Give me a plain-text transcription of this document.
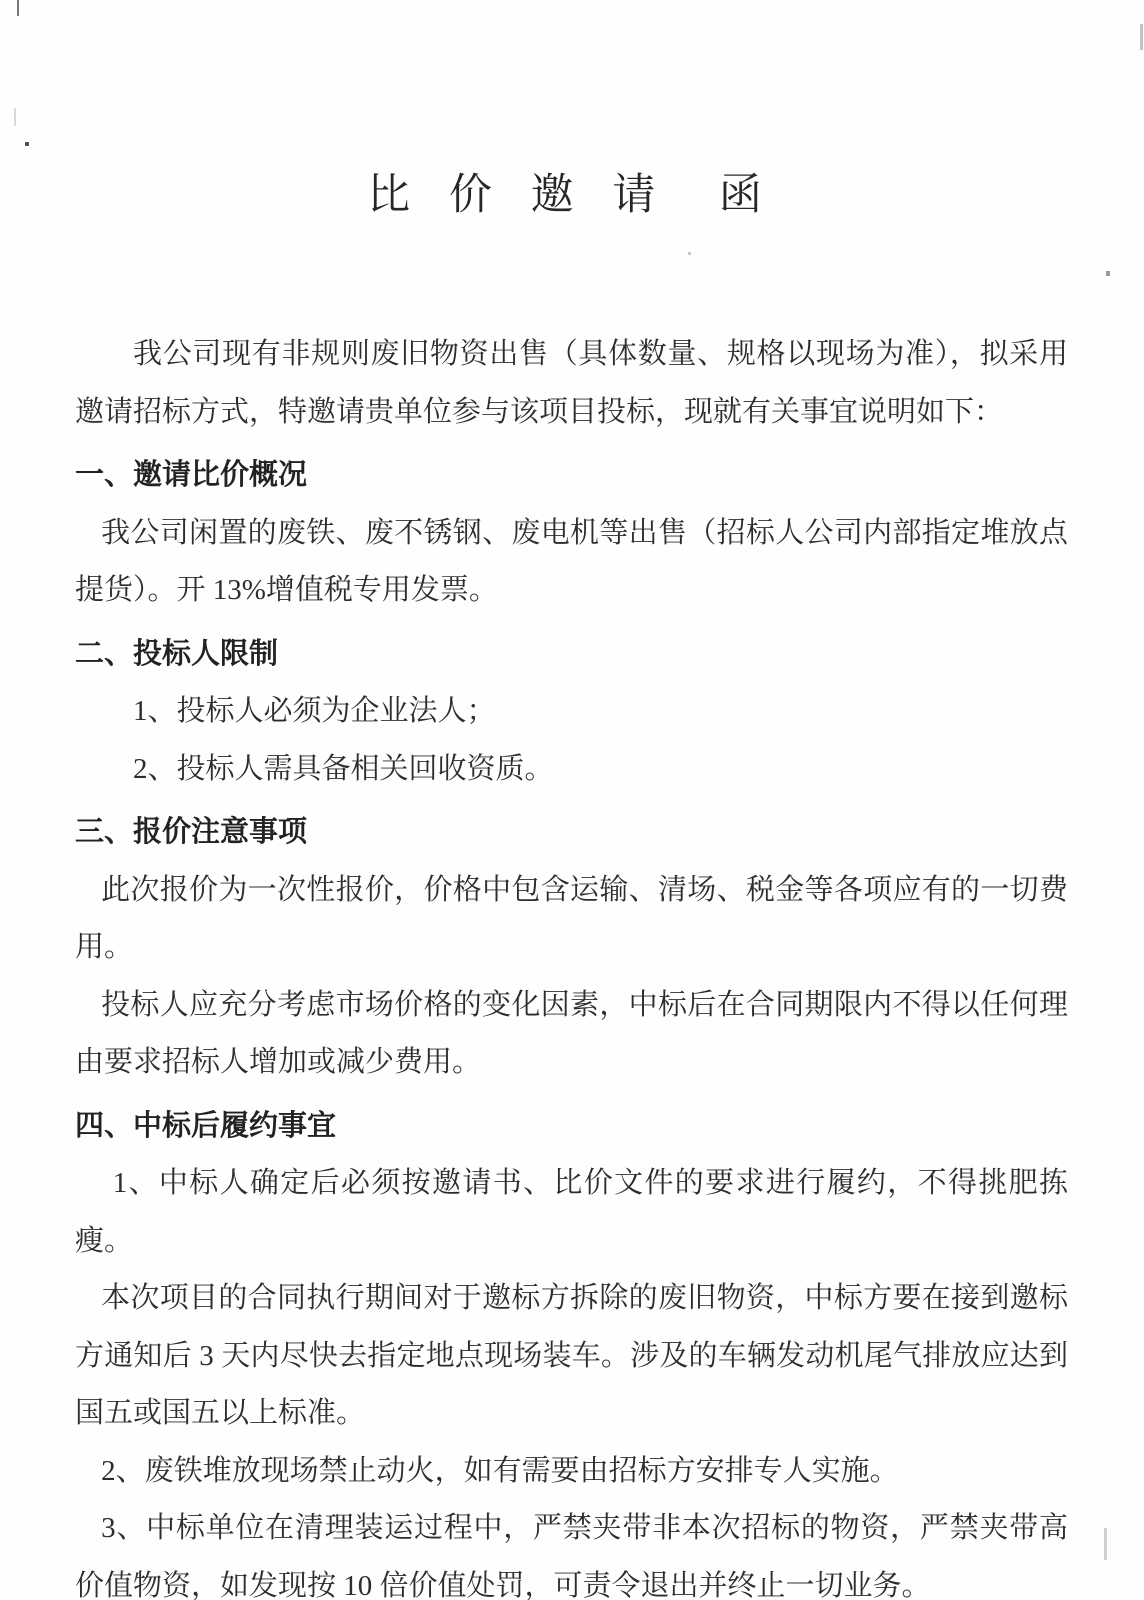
比 价 邀 请  函

我公司现有非规则废旧物资出售（具体数量、规格以现场为准），拟采用邀请招标方式，特邀请贵单位参与该项目投标，现就有关事宜说明如下：

一、邀请比价概况

我公司闲置的废铁、废不锈钢、废电机等出售（招标人公司内部指定堆放点提货）。开 13%增值税专用发票。

二、投标人限制

1、投标人必须为企业法人；

2、投标人需具备相关回收资质。

三、报价注意事项

此次报价为一次性报价，价格中包含运输、清场、税金等各项应有的一切费用。

投标人应充分考虑市场价格的变化因素，中标后在合同期限内不得以任何理由要求招标人增加或减少费用。

四、中标后履约事宜

1、中标人确定后必须按邀请书、比价文件的要求进行履约，不得挑肥拣瘦。

本次项目的合同执行期间对于邀标方拆除的废旧物资，中标方要在接到邀标方通知后 3 天内尽快去指定地点现场装车。涉及的车辆发动机尾气排放应达到国五或国五以上标准。

2、废铁堆放现场禁止动火，如有需要由招标方安排专人实施。

3、中标单位在清理装运过程中，严禁夹带非本次招标的物资，严禁夹带高价值物资，如发现按 10 倍价值处罚，可责令退出并终止一切业务。
